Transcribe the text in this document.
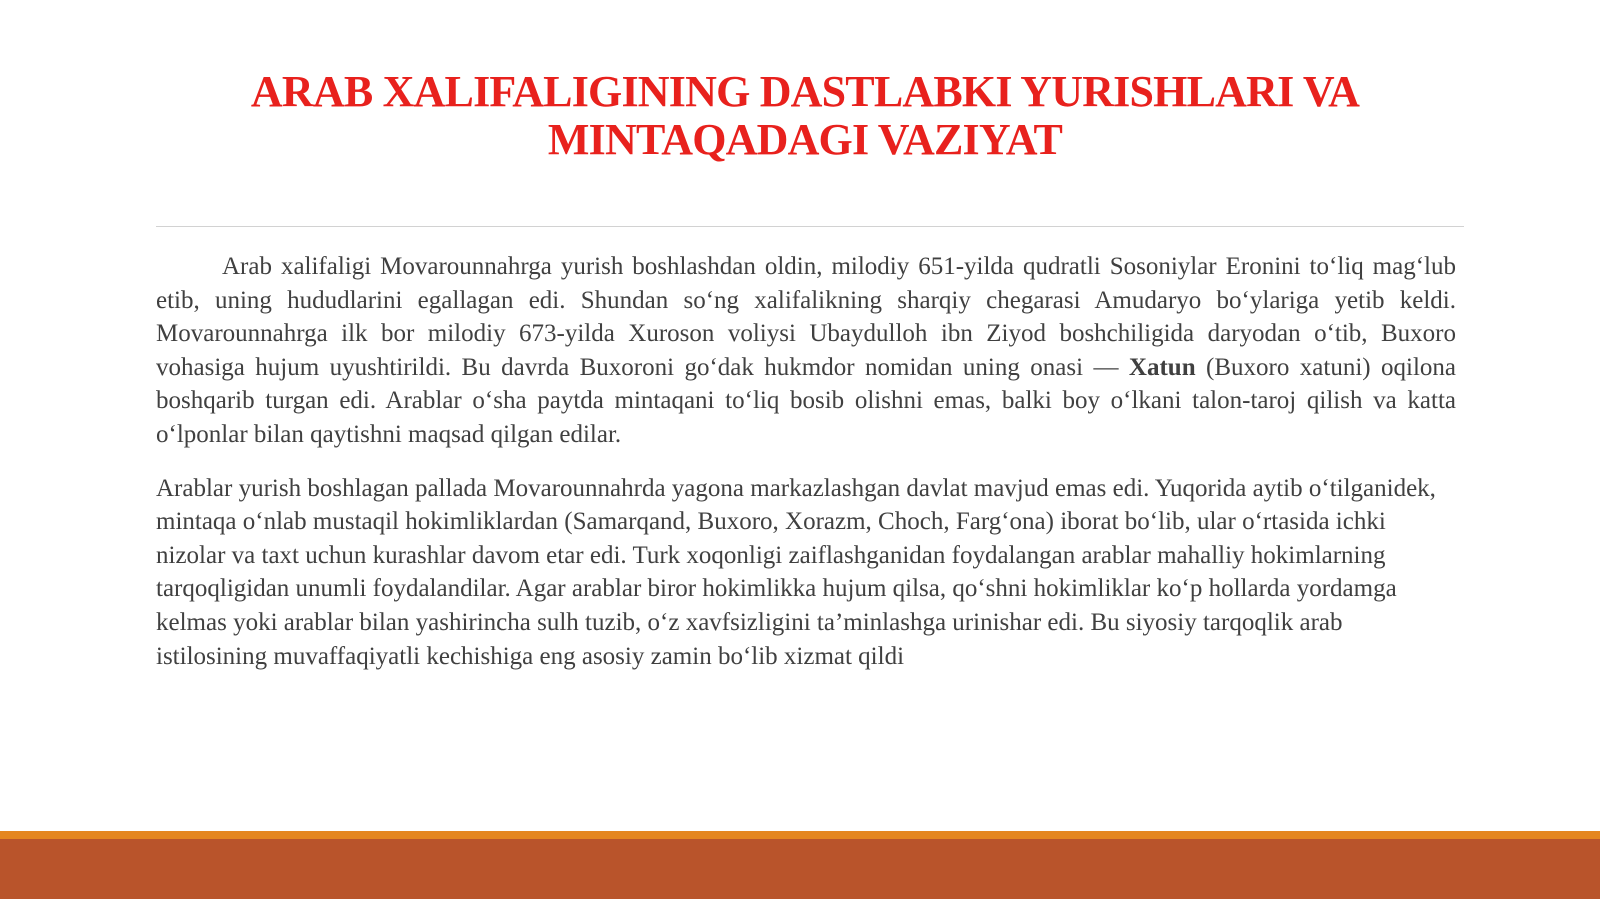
ARAB XALIFALIGINING DASTLABKI YURISHLARI VA
MINTAQADAGI VAZIYAT

Arab xalifaligi Movarounnahrga yurish boshlashdan oldin, milodiy 651-yilda qudratli Sosoniylar Eronini to‘liq mag‘lub etib, uning hududlarini egallagan edi. Shundan so‘ng xalifalikning sharqiy chegarasi Amudaryo bo‘ylariga yetib keldi. Movarounnahrga ilk bor milodiy 673-yilda Xuroson voliysi Ubaydulloh ibn Ziyod boshchiligida daryodan o‘tib, Buxoro vohasiga hujum uyushtirildi. Bu davrda Buxoroni go‘dak hukmdor nomidan uning onasi — Xatun (Buxoro xatuni) oqilona boshqarib turgan edi. Arablar o‘sha paytda mintaqani to‘liq bosib olishni emas, balki boy o‘lkani talon-taroj qilish va katta o‘lponlar bilan qaytishni maqsad qilgan edilar.

Arablar yurish boshlagan pallada Movarounnahrda yagona markazlashgan davlat mavjud emas edi. Yuqorida aytib o‘tilganidek, mintaqa o‘nlab mustaqil hokimliklardan (Samarqand, Buxoro, Xorazm, Choch, Farg‘ona) iborat bo‘lib, ular o‘rtasida ichki nizolar va taxt uchun kurashlar davom etar edi. Turk xoqonligi zaiflashganidan foydalangan arablar mahalliy hokimlarning tarqoqligidan unumli foydalandilar. Agar arablar biror hokimlikka hujum qilsa, qo‘shni hokimliklar ko‘p hollarda yordamga kelmas yoki arablar bilan yashirincha sulh tuzib, o‘z xavfsizligini ta’minlashga urinishar edi. Bu siyosiy tarqoqlik arab istilosining muvaffaqiyatli kechishiga eng asosiy zamin bo‘lib xizmat qildi
